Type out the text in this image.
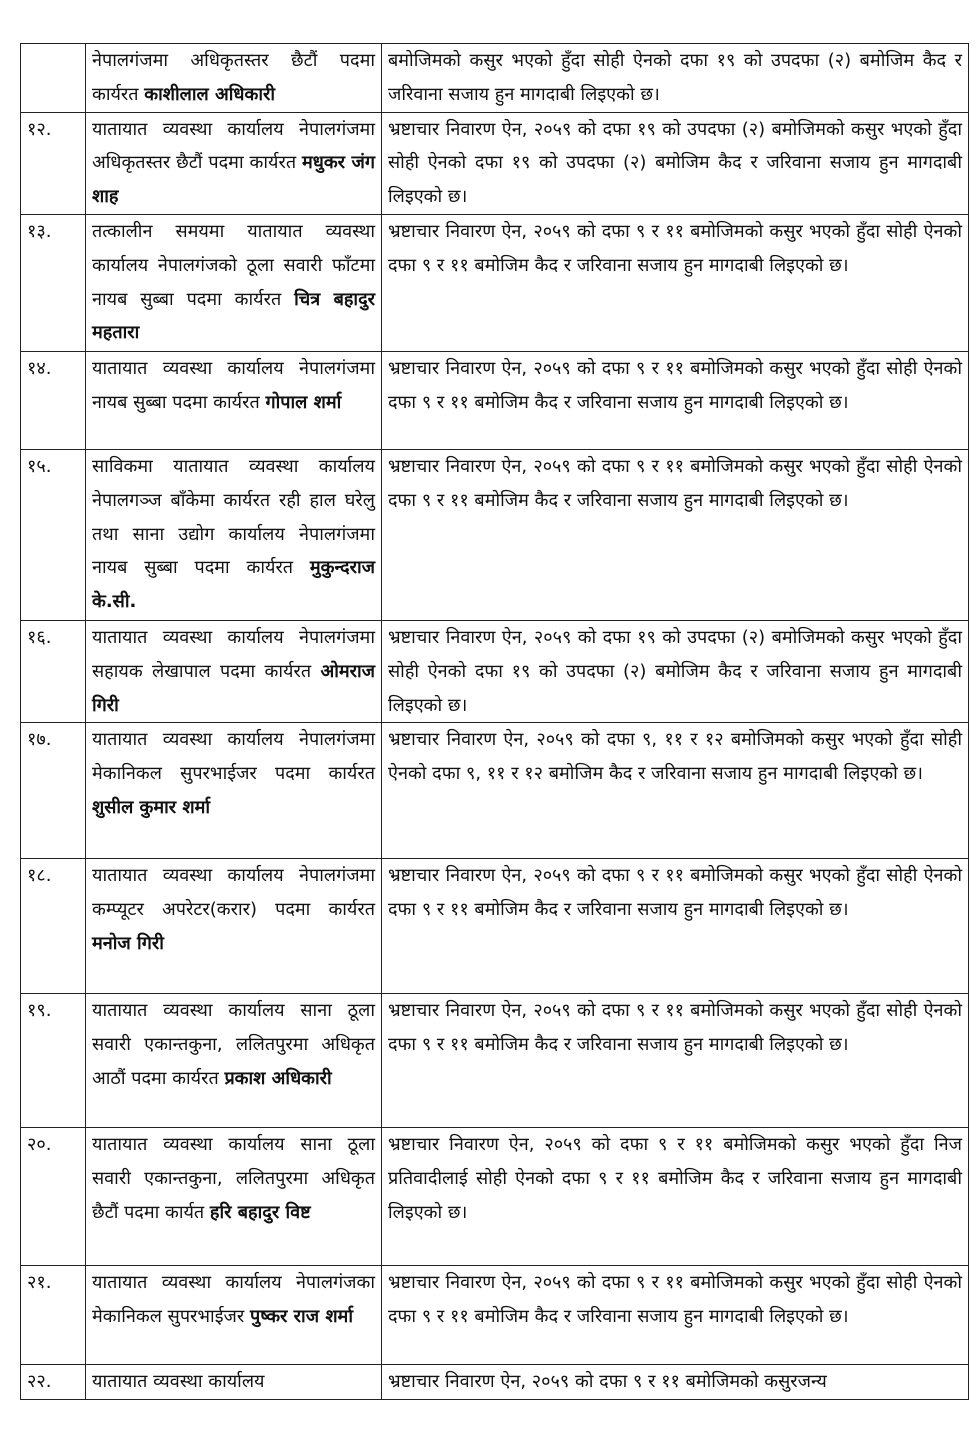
	नेपालगंजमा अधिकृतस्तर छैटौं पदमा कार्यरत काशीलाल अधिकारी	बमोजिमको कसुर भएको हुँदा सोही ऐनको दफा १९ को उपदफा (२) बमोजिम कैद र जरिवाना सजाय हुन मागदाबी लिइएको छ।
१२.	यातायात व्यवस्था कार्यालय नेपालगंजमा अधिकृतस्तर छैटौं पदमा कार्यरत मधुकर जंग शाह	भ्रष्टाचार निवारण ऐन, २०५९ को दफा १९ को उपदफा (२) बमोजिमको कसुर भएको हुँदा सोही ऐनको दफा १९ को उपदफा (२) बमोजिम कैद र जरिवाना सजाय हुन मागदाबी लिइएको छ।
१३.	तत्कालीन समयमा यातायात व्यवस्था कार्यालय नेपालगंजको ठूला सवारी फाँटमा नायब सुब्बा पदमा कार्यरत चित्र बहादुर महतारा	भ्रष्टाचार निवारण ऐन, २०५९ को दफा ९ र ११ बमोजिमको कसुर भएको हुँदा सोही ऐनको दफा ९ र ११ बमोजिम कैद र जरिवाना सजाय हुन मागदाबी लिइएको छ।
१४.	यातायात व्यवस्था कार्यालय नेपालगंजमा नायब सुब्बा पदमा कार्यरत गोपाल शर्मा	भ्रष्टाचार निवारण ऐन, २०५९ को दफा ९ र ११ बमोजिमको कसुर भएको हुँदा सोही ऐनको दफा ९ र ११ बमोजिम कैद र जरिवाना सजाय हुन मागदाबी लिइएको छ।
१५.	साविकमा यातायात व्यवस्था कार्यालय नेपालगञ्ज बाँकेमा कार्यरत रही हाल घरेलु तथा साना उद्योग कार्यालय नेपालगंजमा नायब सुब्बा पदमा कार्यरत मुकुन्दराज के.सी.	भ्रष्टाचार निवारण ऐन, २०५९ को दफा ९ र ११ बमोजिमको कसुर भएको हुँदा सोही ऐनको दफा ९ र ११ बमोजिम कैद र जरिवाना सजाय हुन मागदाबी लिइएको छ।
१६.	यातायात व्यवस्था कार्यालय नेपालगंजमा सहायक लेखापाल पदमा कार्यरत ओमराज गिरी	भ्रष्टाचार निवारण ऐन, २०५९ को दफा १९ को उपदफा (२) बमोजिमको कसुर भएको हुँदा सोही ऐनको दफा १९ को उपदफा (२) बमोजिम कैद र जरिवाना सजाय हुन मागदाबी लिइएको छ।
१७.	यातायात व्यवस्था कार्यालय नेपालगंजमा मेकानिकल सुपरभाईजर पदमा कार्यरत शुसील कुमार शर्मा	भ्रष्टाचार निवारण ऐन, २०५९ को दफा ९, ११ र १२ बमोजिमको कसुर भएको हुँदा सोही ऐनको दफा ९, ११ र १२ बमोजिम कैद र जरिवाना सजाय हुन मागदाबी लिइएको छ।
१८.	यातायात व्यवस्था कार्यालय नेपालगंजमा कम्प्यूटर अपरेटर(करार) पदमा कार्यरत मनोज गिरी	भ्रष्टाचार निवारण ऐन, २०५९ को दफा ९ र ११ बमोजिमको कसुर भएको हुँदा सोही ऐनको दफा ९ र ११ बमोजिम कैद र जरिवाना सजाय हुन मागदाबी लिइएको छ।
१९.	यातायात व्यवस्था कार्यालय साना ठूला सवारी एकान्तकुना, ललितपुरमा अधिकृत आठौं पदमा कार्यरत प्रकाश अधिकारी	भ्रष्टाचार निवारण ऐन, २०५९ को दफा ९ र ११ बमोजिमको कसुर भएको हुँदा सोही ऐनको दफा ९ र ११ बमोजिम कैद र जरिवाना सजाय हुन मागदाबी लिइएको छ।
२०.	यातायात व्यवस्था कार्यालय साना ठूला सवारी एकान्तकुना, ललितपुरमा अधिकृत छैटौं पदमा कार्यत हरि बहादुर विष्ट	भ्रष्टाचार निवारण ऐन, २०५९ को दफा ९ र ११ बमोजिमको कसुर भएको हुँदा निज प्रतिवादीलाई सोही ऐनको दफा ९ र ११ बमोजिम कैद र जरिवाना सजाय हुन मागदाबी लिइएको छ।
२१.	यातायात व्यवस्था कार्यालय नेपालगंजका मेकानिकल सुपरभाईजर पुष्कर राज शर्मा	भ्रष्टाचार निवारण ऐन, २०५९ को दफा ९ र ११ बमोजिमको कसुर भएको हुँदा सोही ऐनको दफा ९ र ११ बमोजिम कैद र जरिवाना सजाय हुन मागदाबी लिइएको छ।
२२.	यातायात व्यवस्था कार्यालय	भ्रष्टाचार निवारण ऐन, २०५९ को दफा ९ र ११ बमोजिमको कसुरजन्य
